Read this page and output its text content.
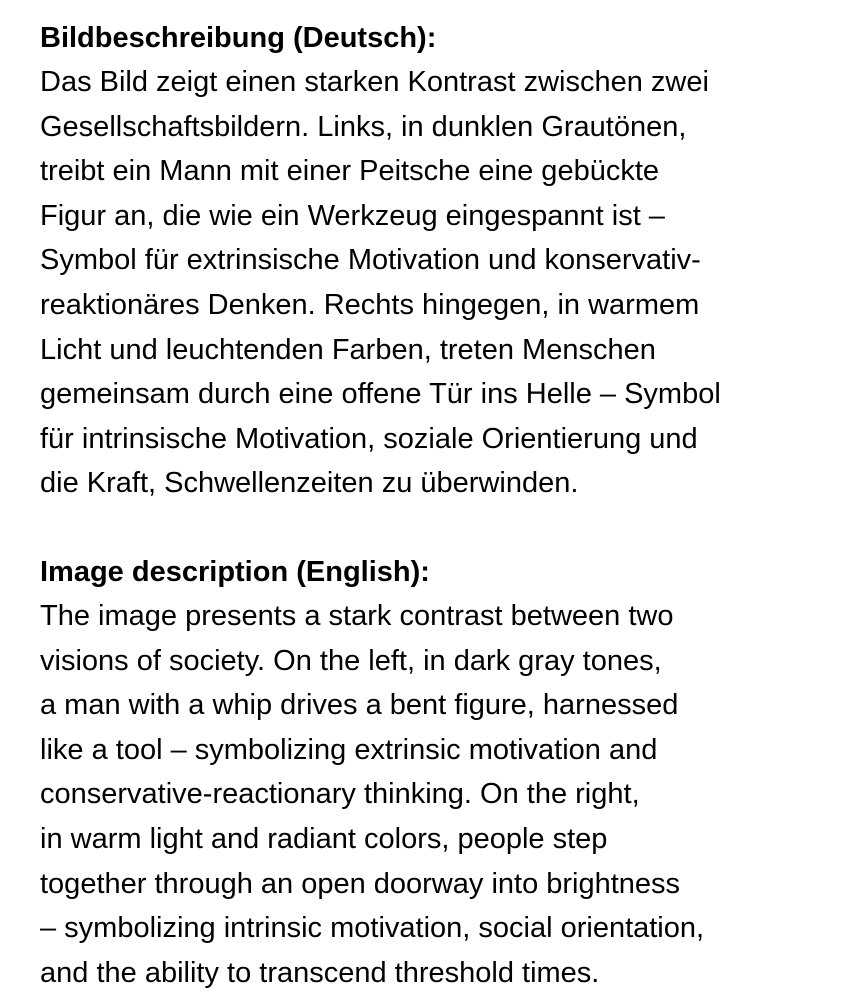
Bildbeschreibung (Deutsch):

Das Bild zeigt einen starken Kontrast zwischen zwei
Gesellschaftsbildern. Links, in dunklen Grautönen,
treibt ein Mann mit einer Peitsche eine gebückte
Figur an, die wie ein Werkzeug eingespannt ist –
Symbol für extrinsische Motivation und konservativ-
reaktionäres Denken. Rechts hingegen, in warmem
Licht und leuchtenden Farben, treten Menschen
gemeinsam durch eine offene Tür ins Helle – Symbol
für intrinsische Motivation, soziale Orientierung und
die Kraft, Schwellenzeiten zu überwinden.

Image description (English):

The image presents a stark contrast between two
visions of society. On the left, in dark gray tones,
a man with a whip drives a bent figure, harnessed
like a tool – symbolizing extrinsic motivation and
conservative-reactionary thinking. On the right,
in warm light and radiant colors, people step
together through an open doorway into brightness
– symbolizing intrinsic motivation, social orientation,
and the ability to transcend threshold times.
